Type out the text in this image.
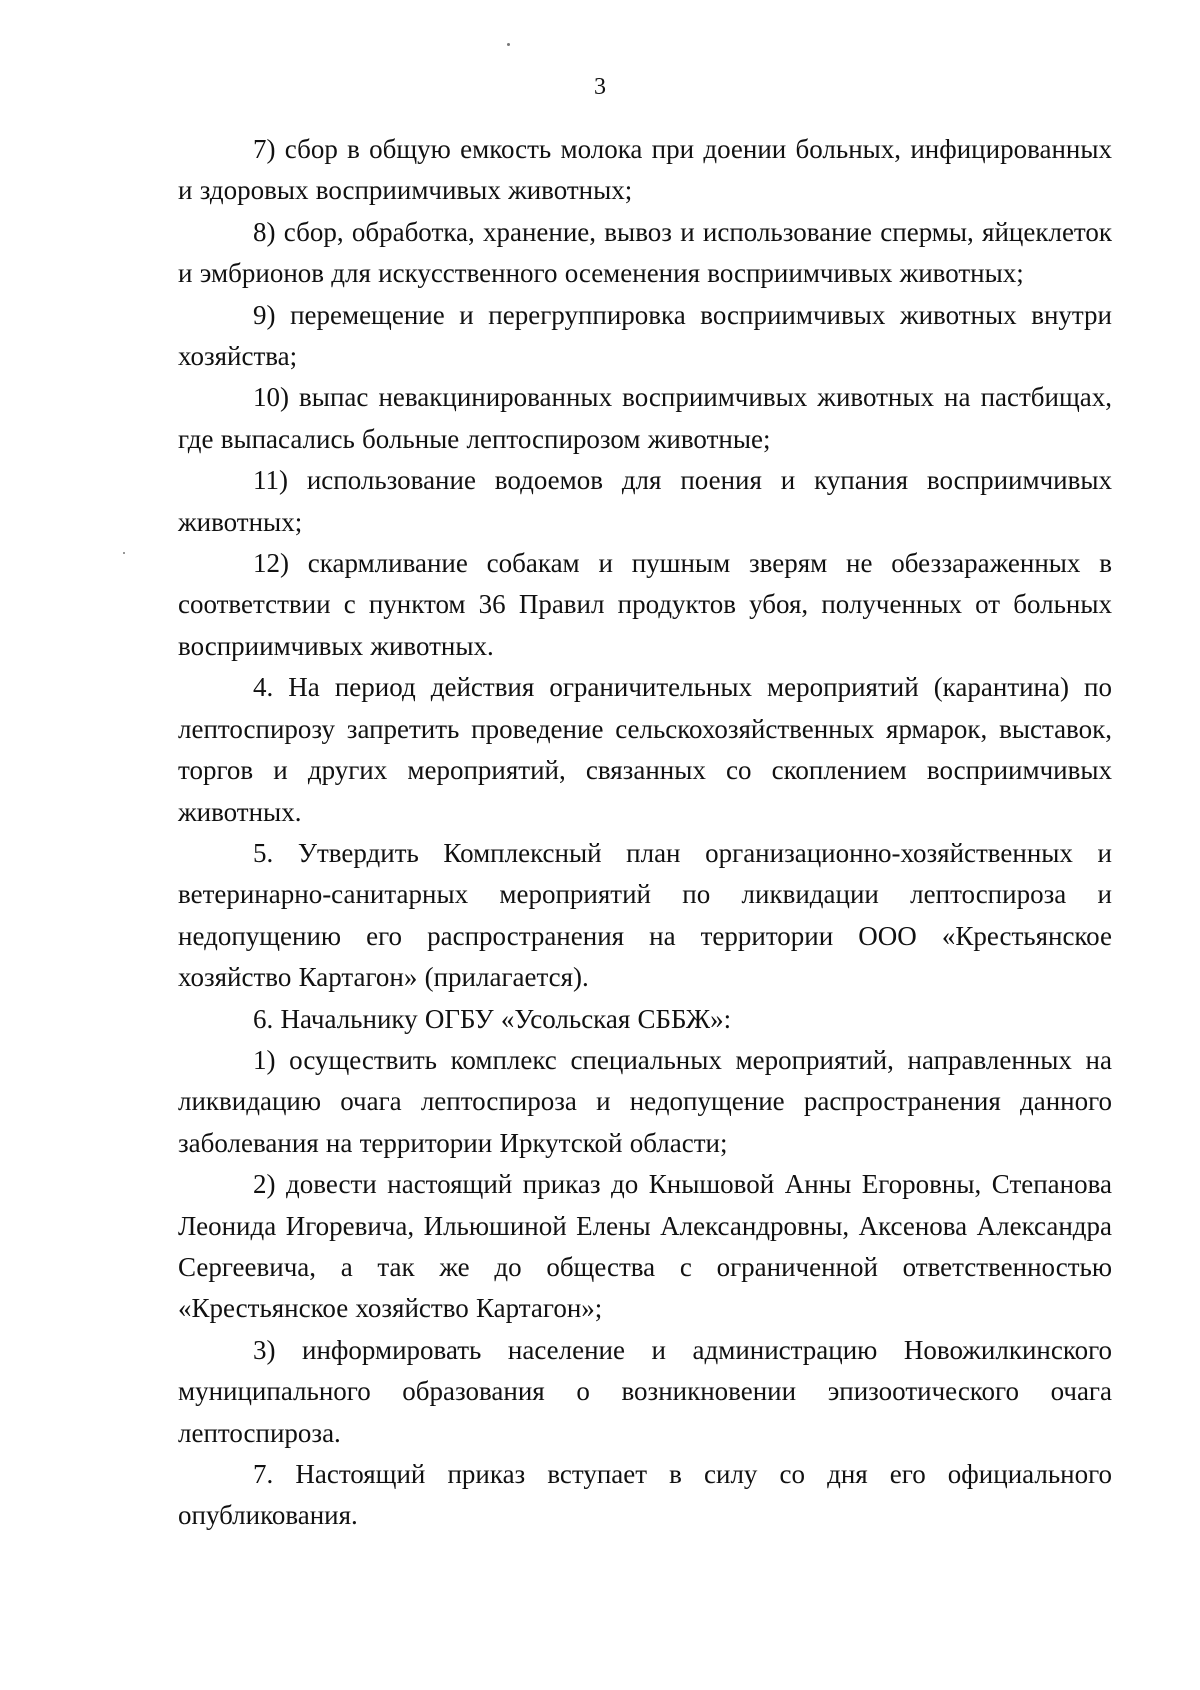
3

7) сбор в общую емкость молока при доении больных, инфицированных и здоровых восприимчивых животных;

8) сбор, обработка, хранение, вывоз и использование спермы, яйцеклеток и эмбрионов для искусственного осеменения восприимчивых животных;

9) перемещение и перегруппировка восприимчивых животных внутри хозяйства;

10) выпас невакцинированных восприимчивых животных на пастбищах, где выпасались больные лептоспирозом животные;

11) использование водоемов для поения и купания восприимчивых животных;

12) скармливание собакам и пушным зверям не обеззараженных в соответствии с пунктом 36 Правил продуктов убоя, полученных от больных восприимчивых животных.

4. На период действия ограничительных мероприятий (карантина) по лептоспирозу запретить проведение сельскохозяйственных ярмарок, выставок, торгов и других мероприятий, связанных со скоплением восприимчивых животных.

5. Утвердить Комплексный план организационно-хозяйственных и ветеринарно-санитарных мероприятий по ликвидации лептоспироза и недопущению его распространения на территории ООО «Крестьянское хозяйство Картагон» (прилагается).

6. Начальнику ОГБУ «Усольская СББЖ»:

1) осуществить комплекс специальных мероприятий, направленных на ликвидацию очага лептоспироза и недопущение распространения данного заболевания на территории Иркутской области;

2) довести настоящий приказ до Кнышовой Анны Егоровны, Степанова Леонида Игоревича, Ильюшиной Елены Александровны, Аксенова Александра Сергеевича, а так же до общества с ограниченной ответственностью «Крестьянское хозяйство Картагон»;

3) информировать население и администрацию Новожилкинского муниципального образования о возникновении эпизоотического очага лептоспироза.

7. Настоящий приказ вступает в силу со дня его официального опубликования.
